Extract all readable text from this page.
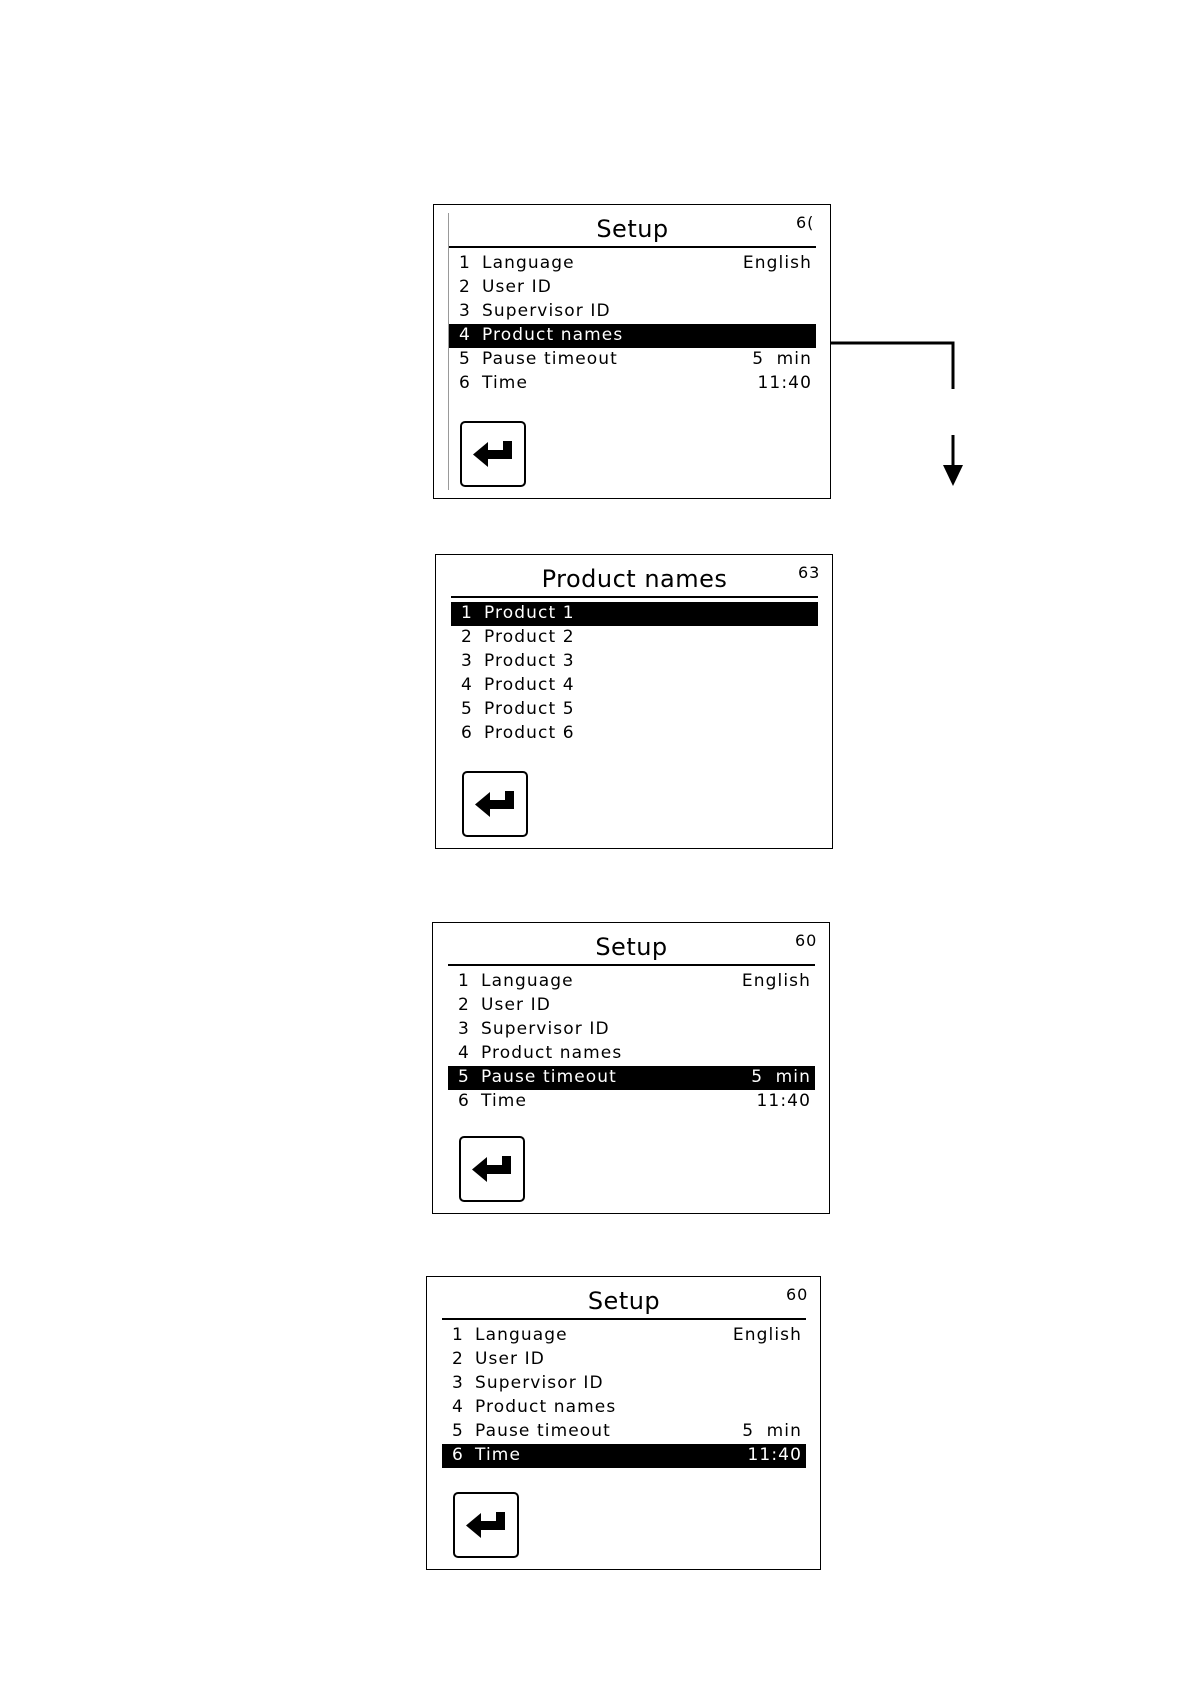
Setup	6(
1 Language	English
2 User ID
3 Supervisor ID
4 Product names
5 Pause timeout	5 min
6 Time	11:40
Product names	63
1 Product 1
2 Product 2
3 Product 3
4 Product 4
5 Product 5
6 Product 6
Setup	60
1 Language	English
2 User ID
3 Supervisor ID
4 Product names
5 Pause timeout	5 min
6 Time	11:40
Setup	60
1 Language	English
2 User ID
3 Supervisor ID
4 Product names
5 Pause timeout	5 min
6 Time	11:40
